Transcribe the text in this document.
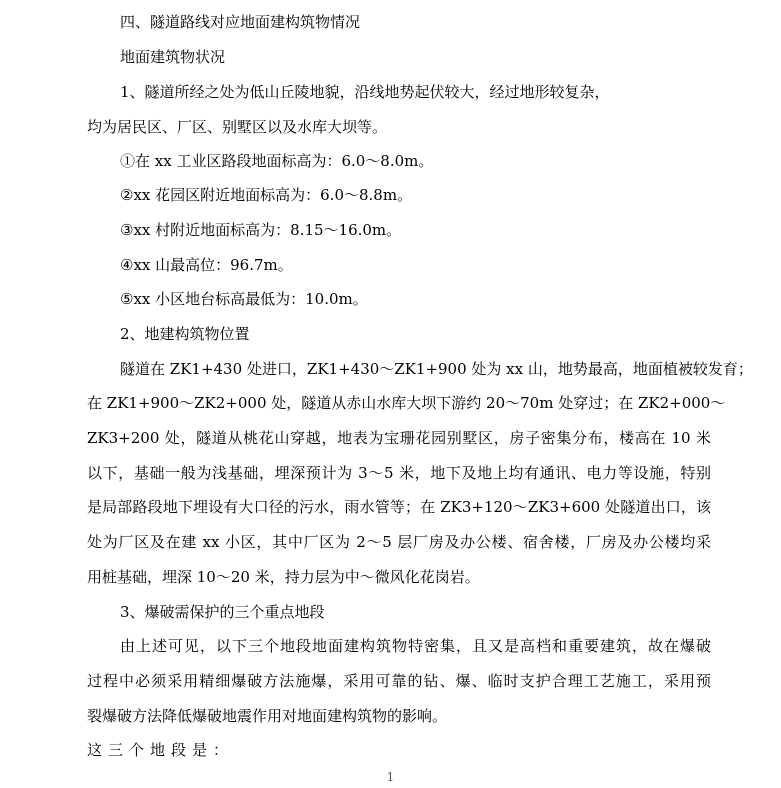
四、隧道路线对应地面建构筑物情况
地面建筑物状况
1、隧道所经之处为低山丘陵地貌，沿线地势起伏较大，经过地形较复杂，
均为居民区、厂区、别墅区以及水库大坝等。
①在 xx 工业区路段地面标高为：6.0～8.0m。
②xx 花园区附近地面标高为：6.0～8.8m。
③xx 村附近地面标高为：8.15～16.0m。
④xx 山最高位：96.7m。
⑤xx 小区地台标高最低为：10.0m。
2、地建构筑物位置
隧道在 ZK1+430 处进口，ZK1+430～ZK1+900 处为 xx 山，地势最高，地面植被较发育；
在 ZK1+900～ZK2+000 处，隧道从赤山水库大坝下游约 20～70m 处穿过；在 ZK2+000～
ZK3+200 处，隧道从桃花山穿越，地表为宝珊花园别墅区，房子密集分布，楼高在 10 米
以下，基础一般为浅基础，埋深预计为 3～5 米，地下及地上均有通讯、电力等设施，特别
是局部路段地下埋设有大口径的污水，雨水管等；在 ZK3+120～ZK3+600 处隧道出口，该
处为厂区及在建 xx 小区，其中厂区为 2～5 层厂房及办公楼、宿舍楼，厂房及办公楼均采
用桩基础，埋深 10～20 米，持力层为中～微风化花岗岩。
3、爆破需保护的三个重点地段
由上述可见，以下三个地段地面建构筑物特密集，且又是高档和重要建筑，故在爆破
过程中必须采用精细爆破方法施爆，采用可靠的钻、爆、临时支护合理工艺施工，采用预
裂爆破方法降低爆破地震作用对地面建构筑物的影响。
这三个地段是：
1
